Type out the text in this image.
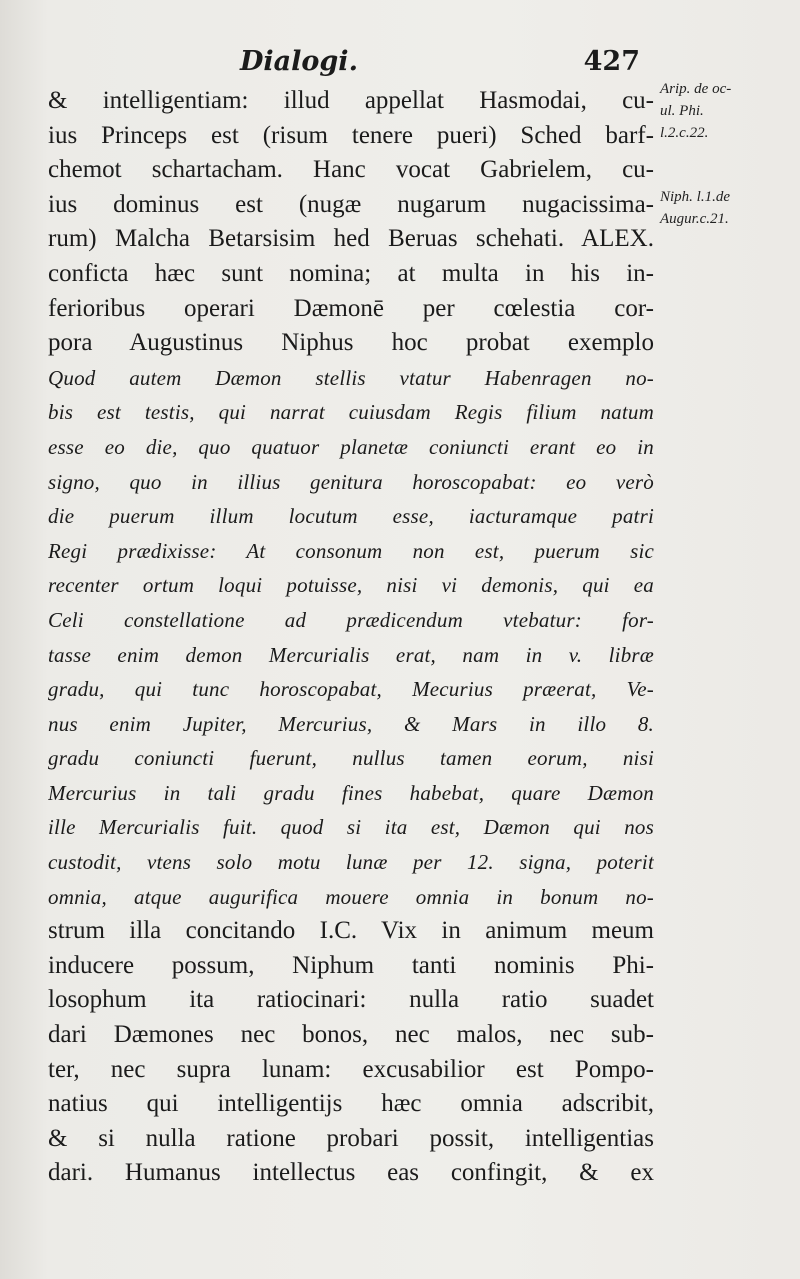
Dialogi.	427
& intelligentiam: illud appellat Hasmodai, cu-
ius Princeps est (risum tenere pueri) Sched barf-
chemot schartacham. Hanc vocat Gabrielem, cu-
ius dominus est (nugæ nugarum nugacissima-
rum) Malcha Betarsisim hed Beruas schehati. ALEX.
conficta hæc sunt nomina; at multa in his in-
ferioribus operari Dæmonē per cœlestia cor-
pora Augustinus Niphus hoc probat exemplo
Quod autem Dæmon stellis vtatur Habenragen no-
bis est testis, qui narrat cuiusdam Regis filium natum
esse eo die, quo quatuor planetæ coniuncti erant eo in
signo, quo in illius genitura horoscopabat: eo verò
die puerum illum locutum esse, iacturamque patri
Regi prædixisse: At consonum non est, puerum sic
recenter ortum loqui potuisse, nisi vi demonis, qui ea
Celi constellatione ad prædicendum vtebatur: for-
tasse enim demon Mercurialis erat, nam in v. libræ
gradu, qui tunc horoscopabat, Mecurius præerat, Ve-
nus enim Jupiter, Mercurius, & Mars in illo 8.
gradu coniuncti fuerunt, nullus tamen eorum, nisi
Mercurius in tali gradu fines habebat, quare Dæmon
ille Mercurialis fuit. quod si ita est, Dæmon qui nos
custodit, vtens solo motu lunæ per 12. signa, poterit
omnia, atque augurifica mouere omnia in bonum no-
strum illa concitando I.C. Vix in animum meum
inducere possum, Niphum tanti nominis Phi-
losophum ita ratiocinari: nulla ratio suadet
dari Dæmones nec bonos, nec malos, nec sub-
ter, nec supra lunam: excusabilior est Pompo-
natius qui intelligentijs hæc omnia adscribit,
& si nulla ratione probari possit, intelligentias
dari. Humanus intellectus eas confingit, & ex
Arip. de oc-
ul. Phi.
l.2.c.22.
Niph. l.1.de
Augur.c.21.
